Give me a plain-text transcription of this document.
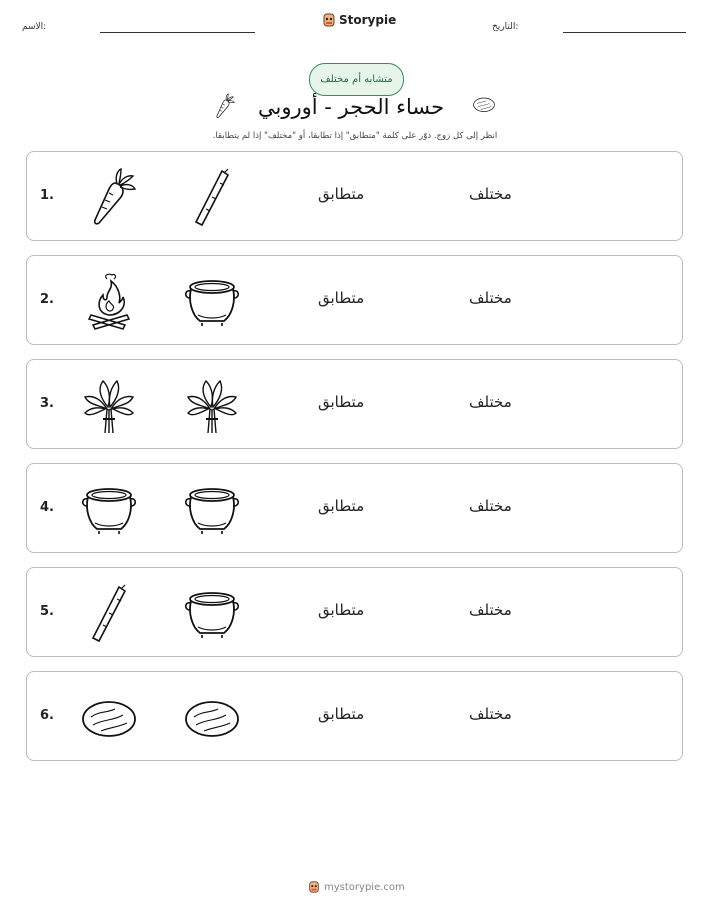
الاسم:	Storypie	التاريخ:
متشابه أم مختلف
حساء الحجر - أوروبي
انظر إلى كل زوج. دوّر على كلمة "متطابق" إذا تطابقا، أو "مختلف" إذا لم يتطابقا.
1.	متطابق	مختلف
2.	متطابق	مختلف
3.	متطابق	مختلف
4.	متطابق	مختلف
5.	متطابق	مختلف
6.	متطابق	مختلف
mystorypie.com
